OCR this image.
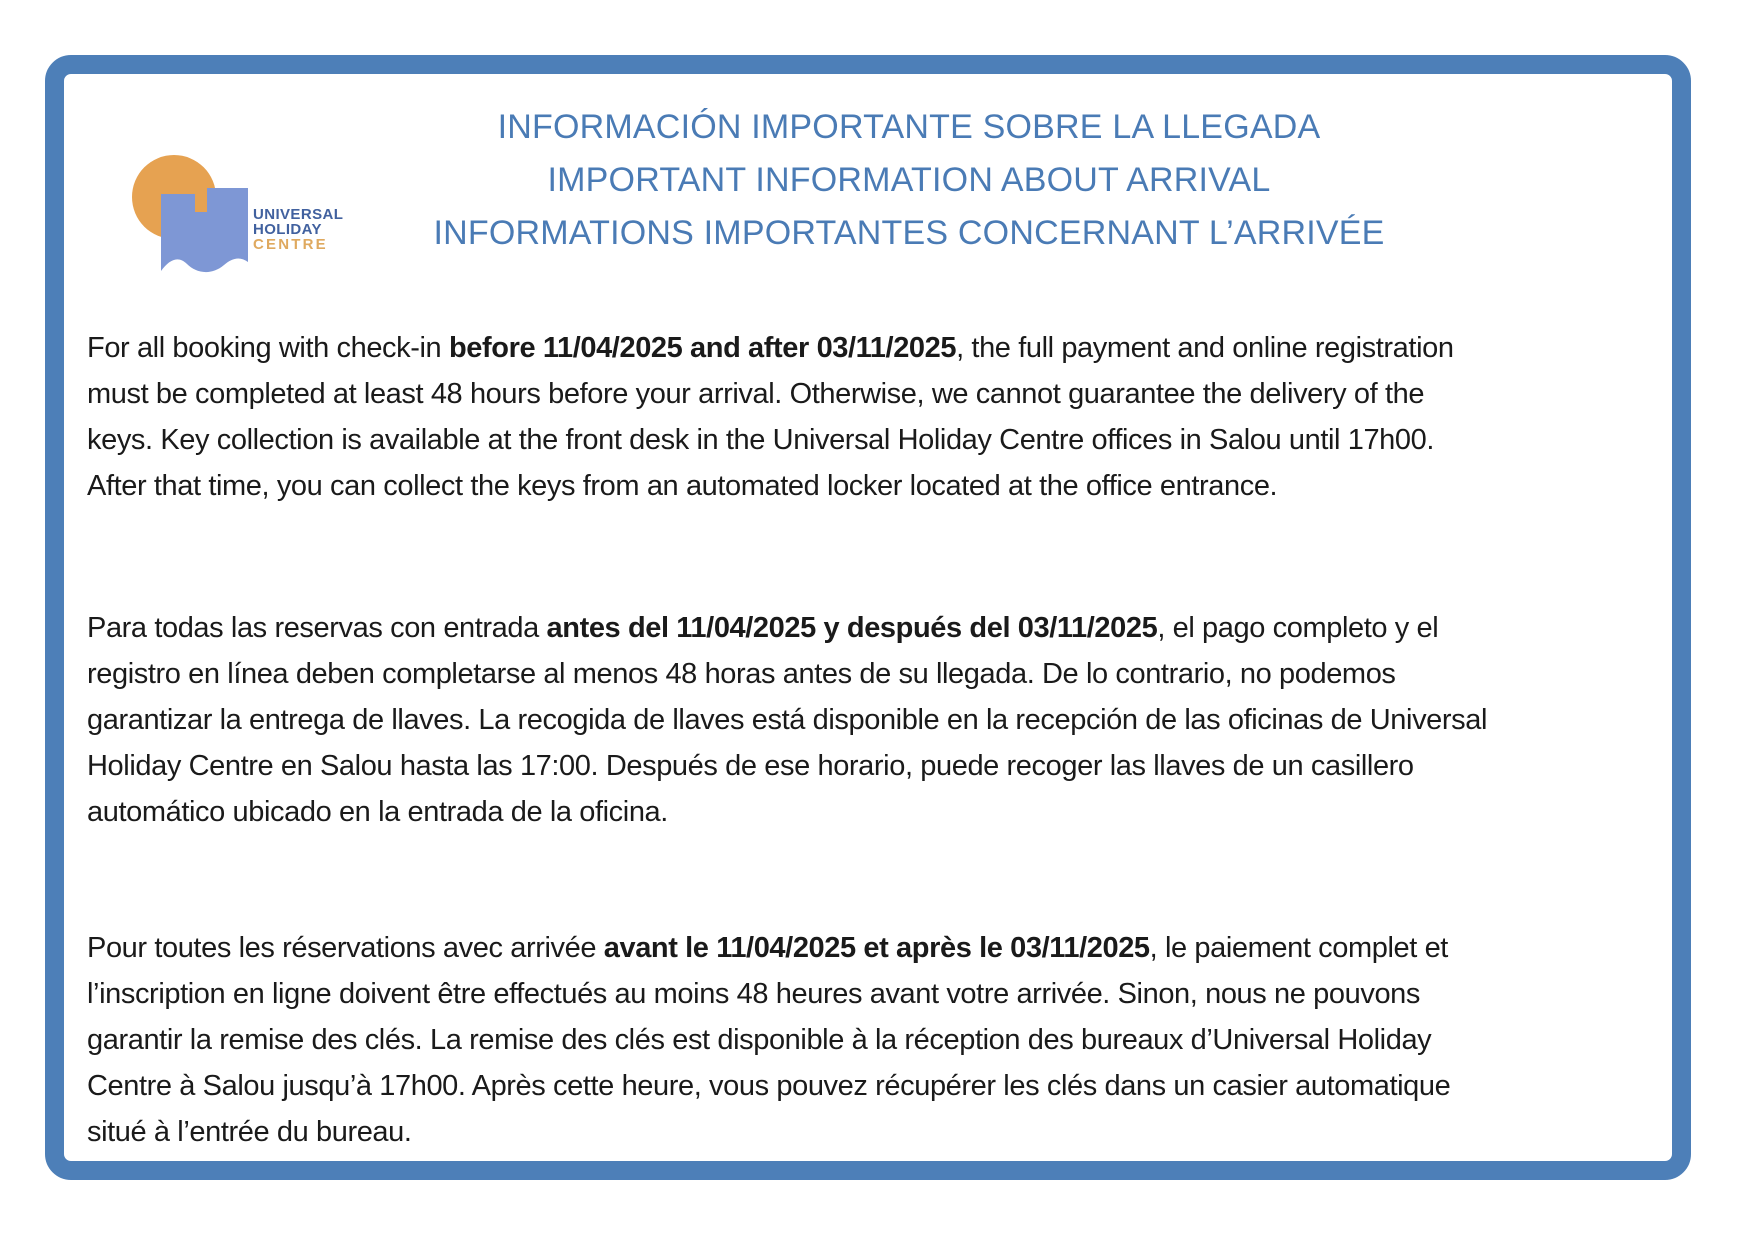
UNIVERSAL
HOLIDAY
CENTRE
INFORMACIÓN IMPORTANTE SOBRE LA LLEGADA
IMPORTANT INFORMATION ABOUT ARRIVAL
INFORMATIONS IMPORTANTES CONCERNANT L’ARRIVÉE
For all booking with check-in before 11/04/2025 and after 03/11/2025, the full payment and online registration
must be completed at least 48 hours before your arrival. Otherwise, we cannot guarantee the delivery of the
keys. Key collection is available at the front desk in the Universal Holiday Centre offices in Salou until 17h00.
After that time, you can collect the keys from an automated locker located at the office entrance.
Para todas las reservas con entrada antes del 11/04/2025 y después del 03/11/2025, el pago completo y el
registro en línea deben completarse al menos 48 horas antes de su llegada. De lo contrario, no podemos
garantizar la entrega de llaves. La recogida de llaves está disponible en la recepción de las oficinas de Universal
Holiday Centre en Salou hasta las 17:00. Después de ese horario, puede recoger las llaves de un casillero
automático ubicado en la entrada de la oficina.
Pour toutes les réservations avec arrivée avant le 11/04/2025 et après le 03/11/2025, le paiement complet et
l’inscription en ligne doivent être effectués au moins 48 heures avant votre arrivée. Sinon, nous ne pouvons
garantir la remise des clés. La remise des clés est disponible à la réception des bureaux d’Universal Holiday
Centre à Salou jusqu’à 17h00. Après cette heure, vous pouvez récupérer les clés dans un casier automatique
situé à l’entrée du bureau.
